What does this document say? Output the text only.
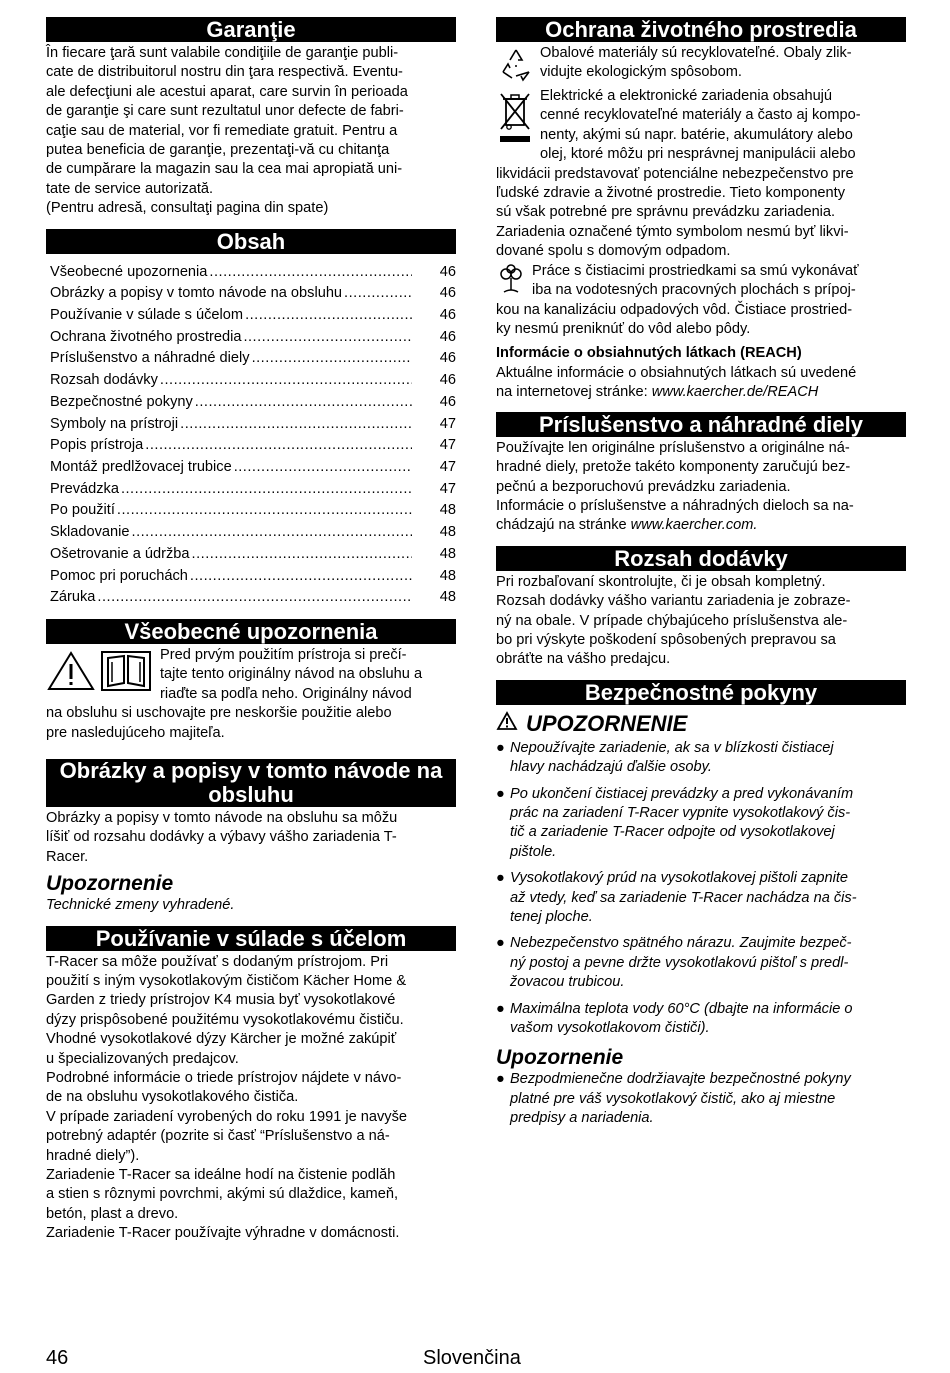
Garanţie
În fiecare ţară sunt valabile condiţiile de garanţie publi-
cate de distribuitorul nostru din ţara respectivă. Eventu-
ale defecţiuni ale acestui aparat, care survin în perioada
de garanţie şi care sunt rezultatul unor defecte de fabri-
caţie sau de material, vor fi remediate gratuit. Pentru a
putea beneficia de garanţie, prezentaţi-vă cu chitanţa
de cumpărare la magazin sau la cea mai apropiată uni-
tate de service autorizată.
(Pentru adresă, consultaţi pagina din spate)
Obsah
Všeobecné upozornenia .....	46
Obrázky a popisy v tomto návode na obsluhu .....	46
Používanie v súlade s účelom .....	46
Ochrana životného prostredia .....	46
Príslušenstvo a náhradné diely .....	46
Rozsah dodávky .....	46
Bezpečnostné pokyny .....	46
Symboly na prístroji .....	47
Popis prístroja .....	47
Montáž predlžovacej trubice .....	47
Prevádzka .....	47
Po použití .....	48
Skladovanie .....	48
Ošetrovanie a údržba .....	48
Pomoc pri poruchách .....	48
Záruka .....	48
Všeobecné upozornenia
Pred prvým použitím prístroja si prečí-
tajte tento originálny návod na obsluhu a
riaďte sa podľa neho. Originálny návod
na obsluhu si uschovajte pre neskoršie použitie alebo
pre nasledujúceho majiteľa.
Obrázky a popisy v tomto návode na
obsluhu
Obrázky a popisy v tomto návode na obsluhu sa môžu
líšiť od rozsahu dodávky a výbavy vášho zariadenia T-
Racer.
Upozornenie
Technické zmeny vyhradené.
Používanie v súlade s účelom
T-Racer sa môže používať s dodaným prístrojom. Pri
použití s iným vysokotlakovým čističom Kächer Home &
Garden z triedy prístrojov K4 musia byť vysokotlakové
dýzy prispôsobené použitému vysokotlakovému čističu.
Vhodné vysokotlakové dýzy Kärcher je možné zakúpiť
u špecializovaných predajcov.
Podrobné informácie o triede prístrojov nájdete v návo-
de na obsluhu vysokotlakového čističa.
V prípade zariadení vyrobených do roku 1991 je navyše
potrebný adaptér (pozrite si časť “Príslušenstvo a ná-
hradné diely”).
Zariadenie T-Racer sa ideálne hodí na čistenie podlăh
a stien s rôznymi povrchmi, akými sú dlaždice, kameň,
betón, plast a drevo.
Zariadenie T-Racer používajte výhradne v domácnosti.
Ochrana životného prostredia
Obalové materiály sú recyklovateľné. Obaly zlik-
vidujte ekologickým spôsobom.
Elektrické a elektronické zariadenia obsahujú
cenné recyklovateľné materiály a často aj kompo-
nenty, akými sú napr. batérie, akumulátory alebo
olej, ktoré môžu pri nesprávnej manipulácii alebo
likvidácii predstavovať potenciálne nebezpečenstvo pre
ľudské zdravie a životné prostredie. Tieto komponenty
sú však potrebné pre správnu prevádzku zariadenia.
Zariadenia označené týmto symbolom nesmú byť likvi-
dované spolu s domovým odpadom.
Práce s čistiacimi prostriedkami sa smú vykonávať
iba na vodotesných pracovných plochách s prípoj-
kou na kanalizáciu odpadových vôd. Čistiace prostried-
ky nesmú preniknúť do vôd alebo pôdy.
Informácie o obsiahnutých látkach (REACH)
Aktuálne informácie o obsiahnutých látkach sú uvedené
na internetovej stránke: www.kaercher.de/REACH
Príslušenstvo a náhradné diely
Používajte len originálne príslušenstvo a originálne ná-
hradné diely, pretože takéto komponenty zaručujú bez-
pečnú a bezporuchovú prevádzku zariadenia.
Informácie o príslušenstve a náhradných dieloch sa na-
chádzajú na stránke www.kaercher.com.
Rozsah dodávky
Pri rozbaľovaní skontrolujte, či je obsah kompletný.
Rozsah dodávky vášho variantu zariadenia je zobraze-
ný na obale. V prípade chýbajúceho príslušenstva ale-
bo pri výskyte poškodení spôsobených prepravou sa
obráťte na vášho predajcu.
Bezpečnostné pokyny
UPOZORNENIE
● Nepoužívajte zariadenie, ak sa v blízkosti čistiacej
hlavy nachádzajú ďalšie osoby.
● Po ukončení čistiacej prevádzky a pred vykonávaním
prác na zariadení T-Racer vypnite vysokotlakový čis-
tič a zariadenie T-Racer odpojte od vysokotlakovej
pištole.
● Vysokotlakový prúd na vysokotlakovej pištoli zapnite
až vtedy, keď sa zariadenie T-Racer nachádza na čis-
tenej ploche.
● Nebezpečenstvo spätného nárazu. Zaujmite bezpeč-
ný postoj a pevne držte vysokotlakovú pištoľ s predl-
žovacou trubicou.
● Maximálna teplota vody 60°C (dbajte na informácie o
vašom vysokotlakovom čističi).
Upozornenie
● Bezpodmienečne dodržiavajte bezpečnostné pokyny
platné pre váš vysokotlakový čistič, ako aj miestne
predpisy a nariadenia.
46	Slovenčina
